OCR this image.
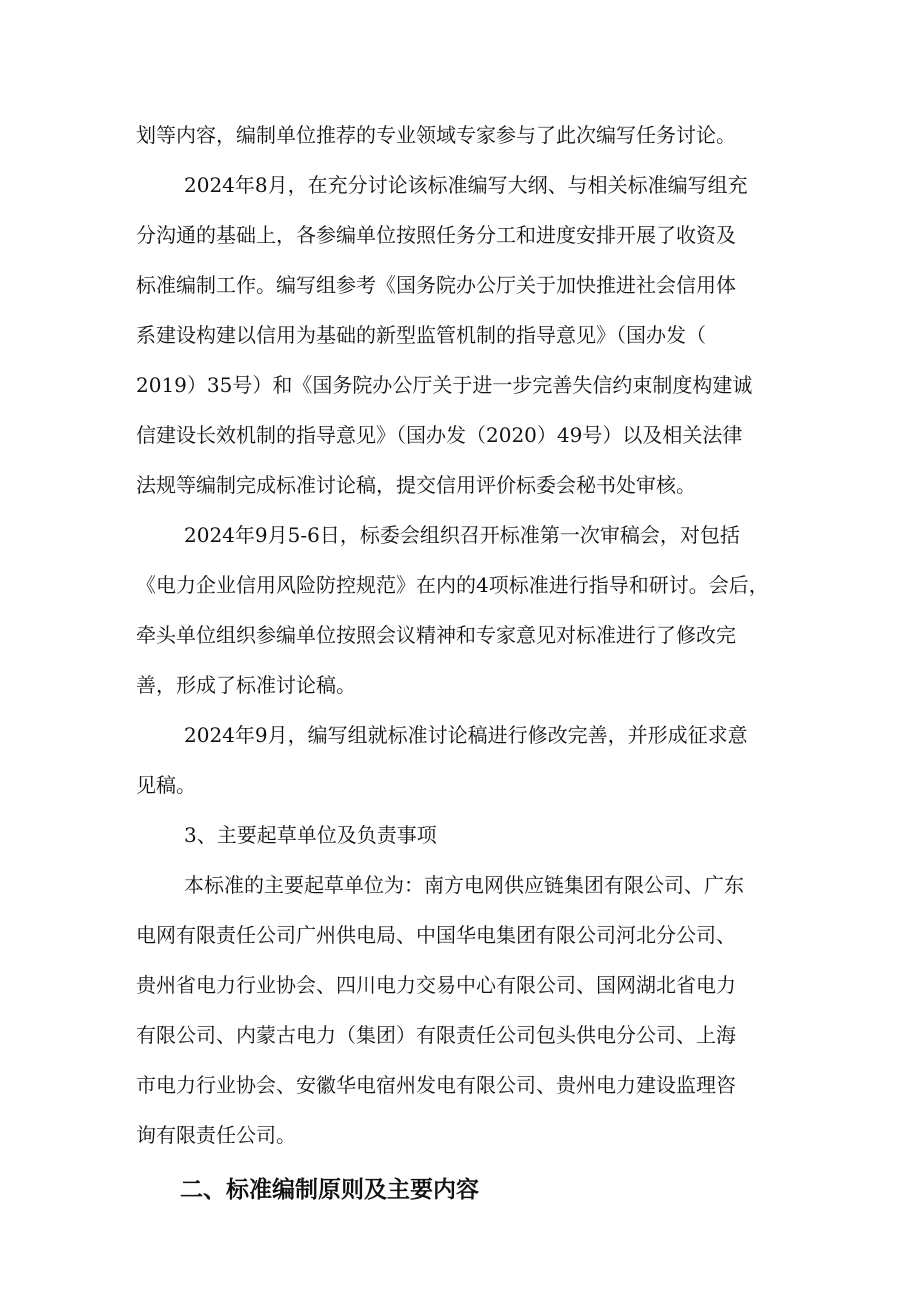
划等内容，编制单位推荐的专业领域专家参与了此次编写任务讨论。
2024年8月，在充分讨论该标准编写大纲、与相关标准编写组充
分沟通的基础上，各参编单位按照任务分工和进度安排开展了收资及
标准编制工作。编写组参考《国务院办公厅关于加快推进社会信用体
系建设构建以信用为基础的新型监管机制的指导意见》（国办发（
2019）35号）和《国务院办公厅关于进一步完善失信约束制度构建诚
信建设长效机制的指导意见》（国办发（2020）49号）以及相关法律
法规等编制完成标准讨论稿，提交信用评价标委会秘书处审核。
2024年9月5-6日，标委会组织召开标准第一次审稿会，对包括
《电力企业信用风险防控规范》在内的4项标准进行指导和研讨。会后，
牵头单位组织参编单位按照会议精神和专家意见对标准进行了修改完
善，形成了标准讨论稿。
2024年9月，编写组就标准讨论稿进行修改完善，并形成征求意
见稿。
3、主要起草单位及负责事项
本标准的主要起草单位为：南方电网供应链集团有限公司、广东
电网有限责任公司广州供电局、中国华电集团有限公司河北分公司、
贵州省电力行业协会、四川电力交易中心有限公司、国网湖北省电力
有限公司、内蒙古电力（集团）有限责任公司包头供电分公司、上海
市电力行业协会、安徽华电宿州发电有限公司、贵州电力建设监理咨
询有限责任公司。
二、标准编制原则及主要内容
